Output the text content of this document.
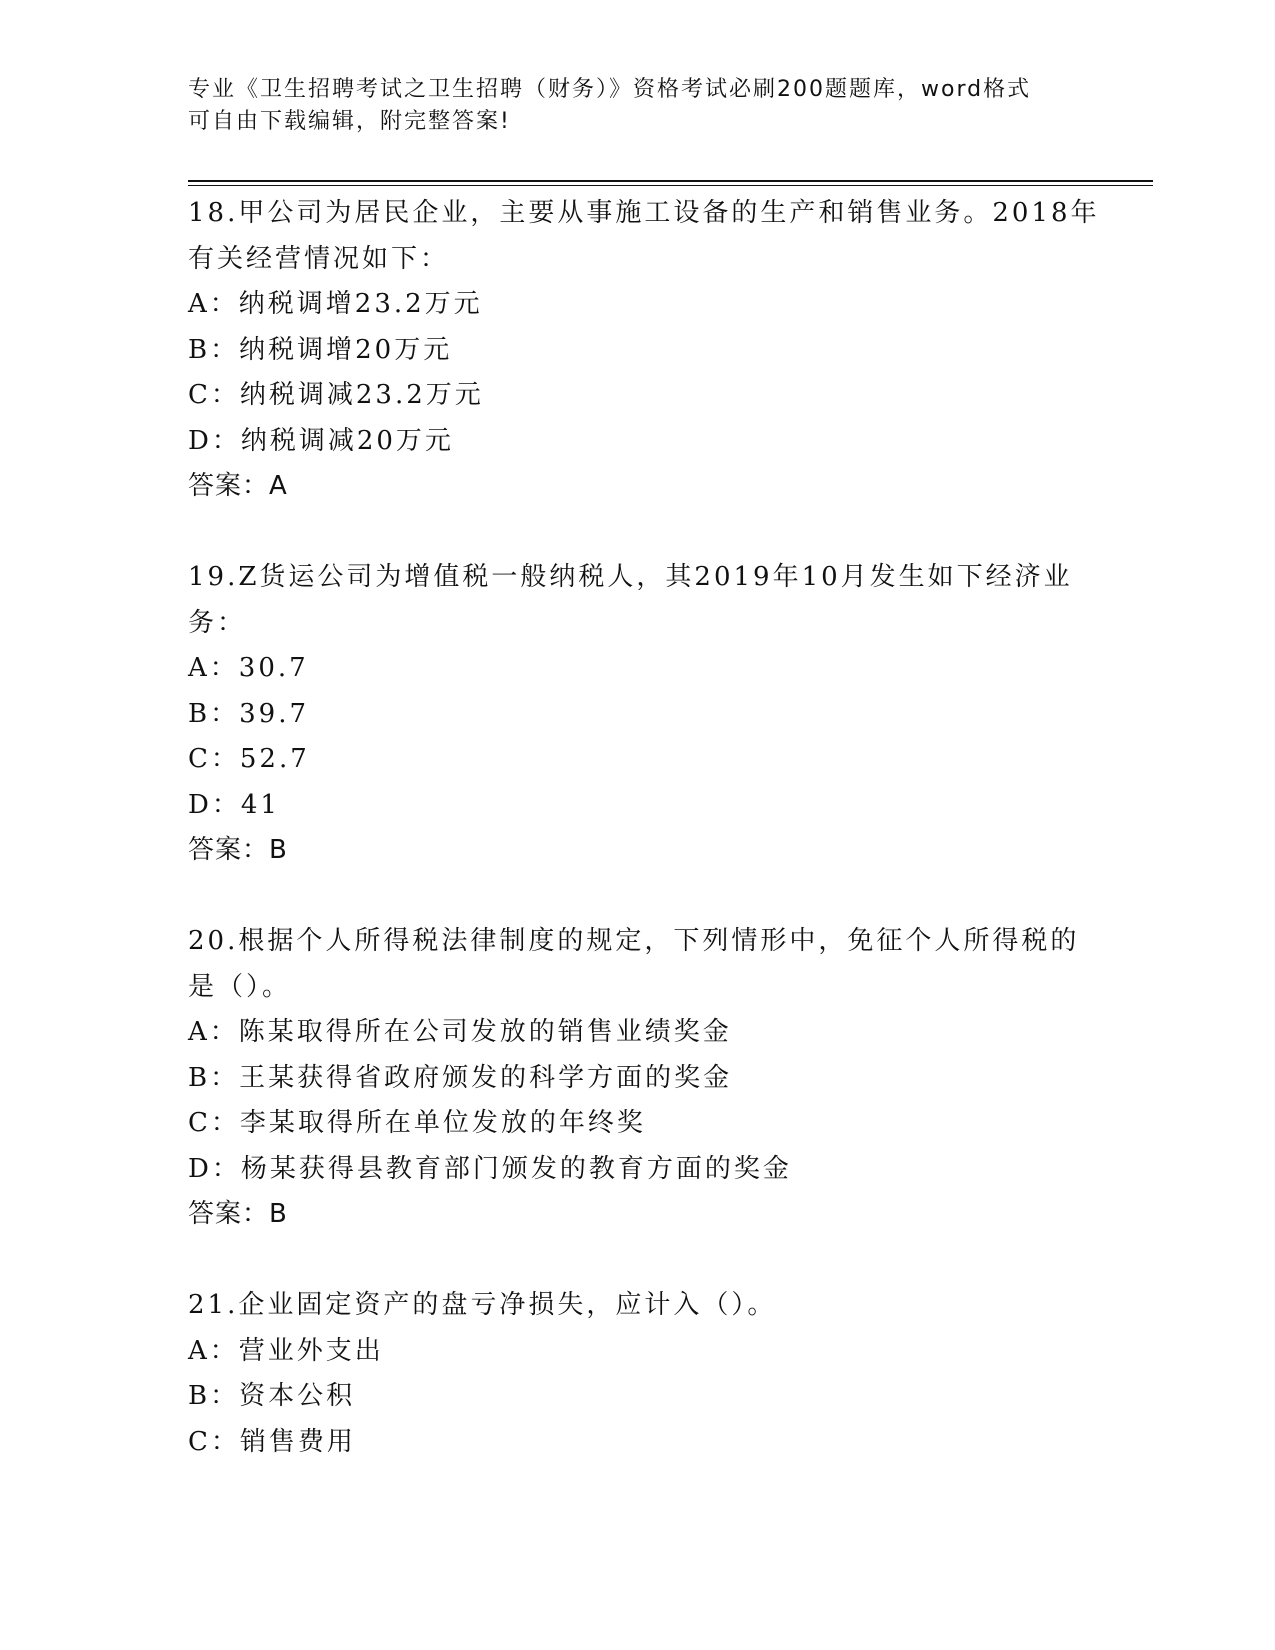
专业《卫生招聘考试之卫生招聘（财务）》资格考试必刷200题题库，word格式
可自由下载编辑，附完整答案!
18.甲公司为居民企业，主要从事施工设备的生产和销售业务。2018年
有关经营情况如下：
A：纳税调增23.2万元
B：纳税调增20万元
C：纳税调减23.2万元
D：纳税调减20万元
答案：A
19.Z货运公司为增值税一般纳税人，其2019年10月发生如下经济业
务：
A：30.7
B：39.7
C：52.7
D：41
答案：B
20.根据个人所得税法律制度的规定，下列情形中，免征个人所得税的
是（）。
A：陈某取得所在公司发放的销售业绩奖金
B：王某获得省政府颁发的科学方面的奖金
C：李某取得所在单位发放的年终奖
D：杨某获得县教育部门颁发的教育方面的奖金
答案：B
21.企业固定资产的盘亏净损失，应计入（）。
A：营业外支出
B：资本公积
C：销售费用
